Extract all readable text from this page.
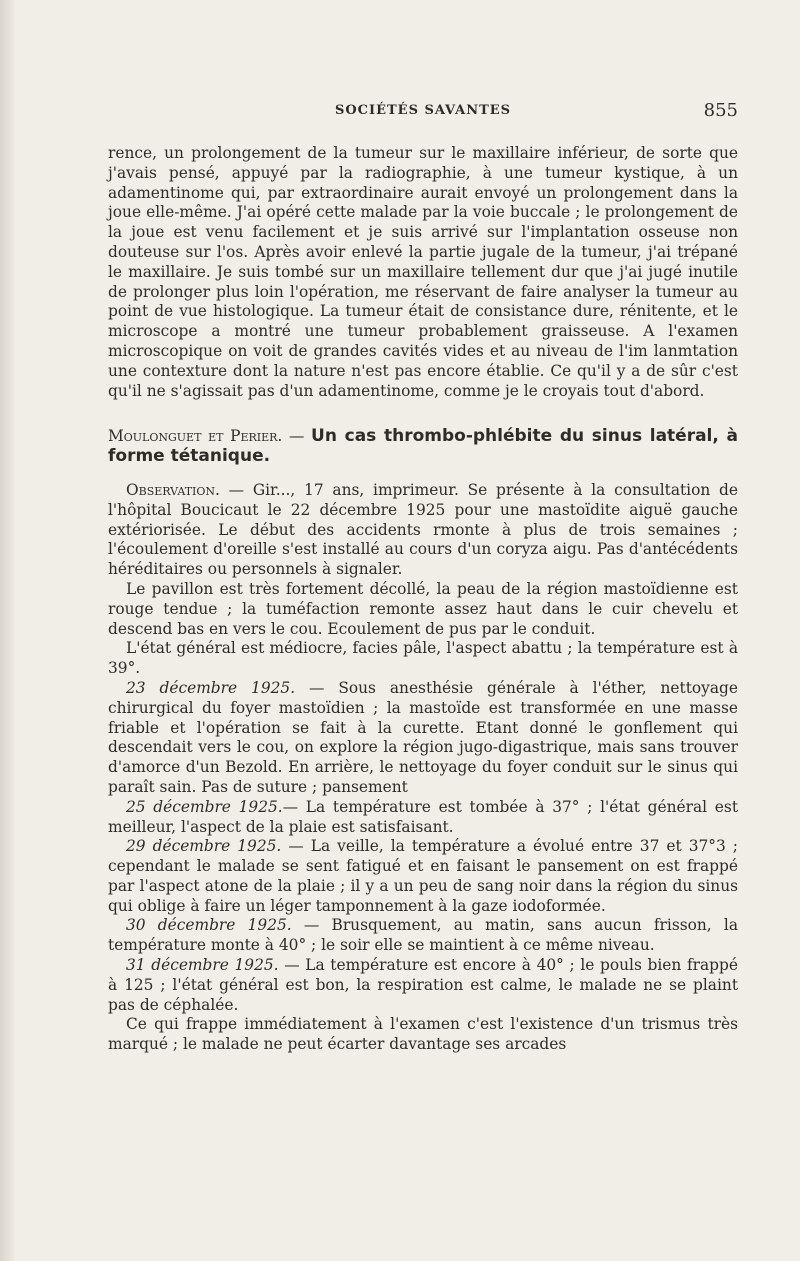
SOCIÉTÉS SAVANTES	855

rence, un prolongement de la tumeur sur le maxillaire inférieur, de sorte que j'avais pensé, appuyé par la radiographie, à une tumeur kystique, à un adamentinome qui, par extraordinaire aurait envoyé un prolongement dans la joue elle-même. J'ai opéré cette malade par la voie buccale ; le prolongement de la joue est venu facilement et je suis arrivé sur l'implantation osseuse non douteuse sur l'os. Après avoir enlevé la partie jugale de la tumeur, j'ai trépané le maxillaire. Je suis tombé sur un maxillaire tellement dur que j'ai jugé inutile de prolonger plus loin l'opération, me réservant de faire analyser la tumeur au point de vue histologique. La tumeur était de consistance dure, rénitente, et le microscope a montré une tumeur probablement graisseuse. A l'examen microscopique on voit de grandes cavités vides et au niveau de l'im lanmtation une contexture dont la nature n'est pas encore établie. Ce qu'il y a de sûr c'est qu'il ne s'agissait pas d'un adamentinome, comme je le croyais tout d'abord.

Moulonguet et Perier. — Un cas thrombo-phlébite du sinus latéral, à forme tétanique.

Observation. — Gir..., 17 ans, imprimeur. Se présente à la consultation de l'hôpital Boucicaut le 22 décembre 1925 pour une mastoïdite aiguë gauche extériorisée. Le début des accidents rmonte à plus de trois semaines ; l'écoulement d'oreille s'est installé au cours d'un coryza aigu. Pas d'antécédents héréditaires ou personnels à signaler.

Le pavillon est très fortement décollé, la peau de la région mastoïdienne est rouge tendue ; la tuméfaction remonte assez haut dans le cuir chevelu et descend bas en vers le cou. Ecoulement de pus par le conduit.

L'état général est médiocre, facies pâle, l'aspect abattu ; la température est à 39°.

23 décembre 1925. — Sous anesthésie générale à l'éther, nettoyage chirurgical du foyer mastoïdien ; la mastoïde est transformée en une masse friable et l'opération se fait à la curette. Etant donné le gonflement qui descendait vers le cou, on explore la région jugo-digastrique, mais sans trouver d'amorce d'un Bezold. En arrière, le nettoyage du foyer conduit sur le sinus qui paraît sain. Pas de suture ; pansement

25 décembre 1925.— La température est tombée à 37° ; l'état général est meilleur, l'aspect de la plaie est satisfaisant.

29 décembre 1925. — La veille, la température a évolué entre 37 et 37°3 ; cependant le malade se sent fatigué et en faisant le pansement on est frappé par l'aspect atone de la plaie ; il y a un peu de sang noir dans la région du sinus qui oblige à faire un léger tamponnement à la gaze iodoformée.

30 décembre 1925. — Brusquement, au matin, sans aucun frisson, la température monte à 40° ; le soir elle se maintient à ce même niveau.

31 décembre 1925. — La température est encore à 40° ; le pouls bien frappé à 125 ; l'état général est bon, la respiration est calme, le malade ne se plaint pas de céphalée.

Ce qui frappe immédiatement à l'examen c'est l'existence d'un trismus très marqué ; le malade ne peut écarter davantage ses arcades
